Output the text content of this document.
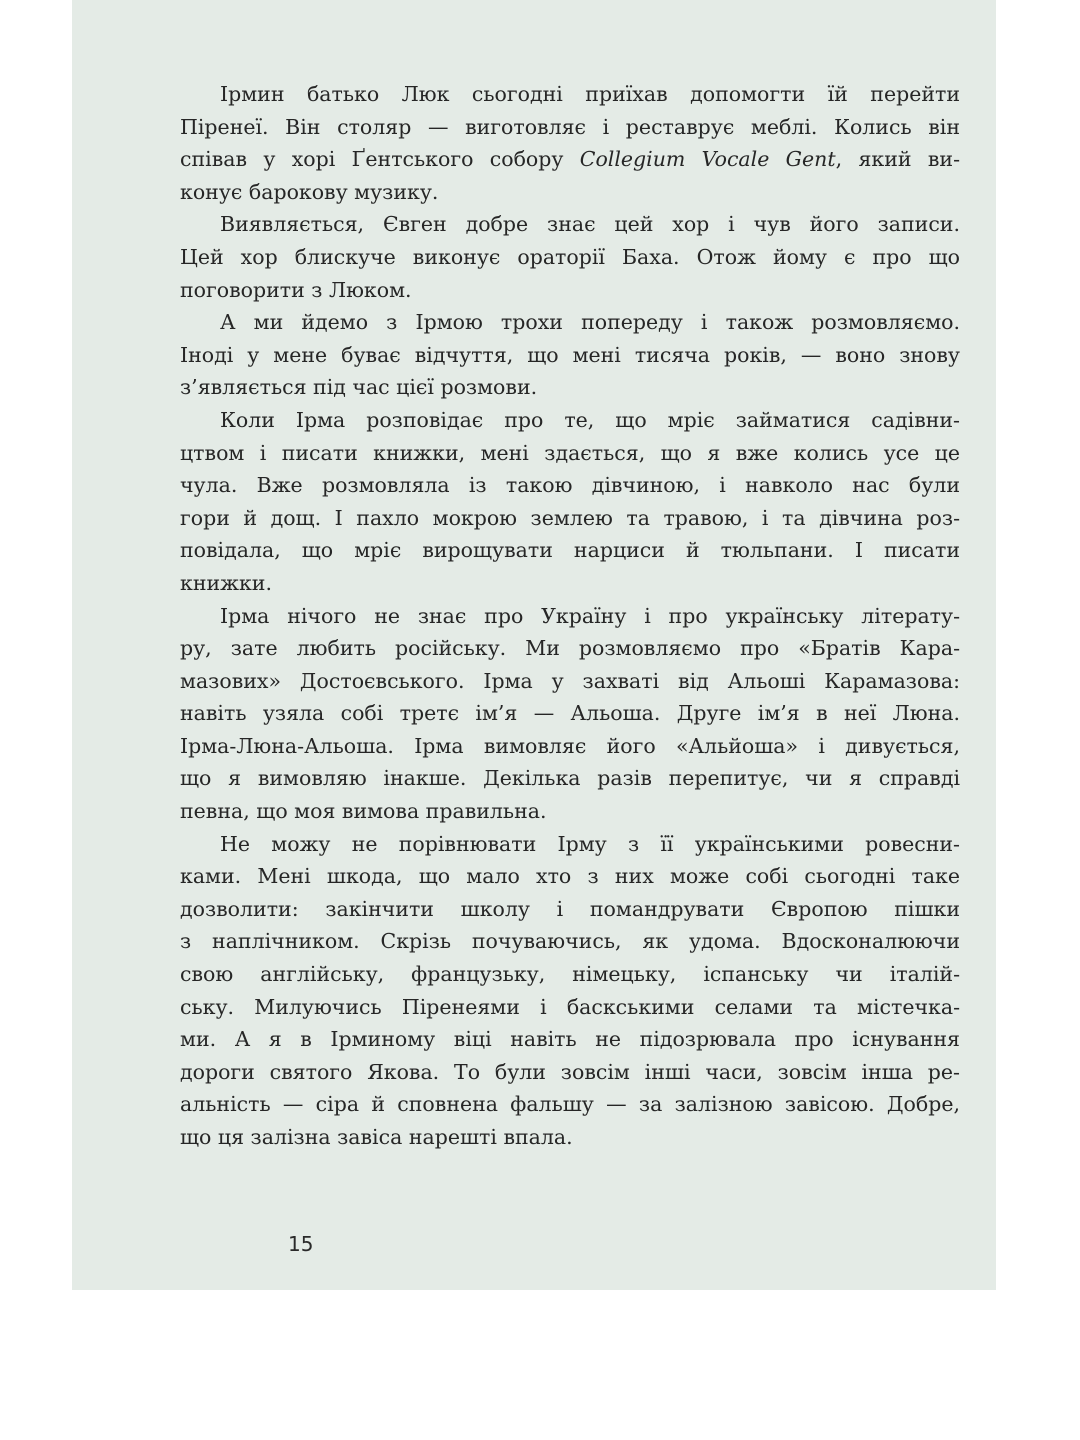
Ірмин батько Люк сьогодні приїхав допомогти їй перейти
Піренеї. Він столяр — виготовляє і реставрує меблі. Колись він
співав у хорі Ґентського собору Collegium Vocale Gent, який ви-
конує барокову музику.
Виявляється, Євген добре знає цей хор і чув його записи.
Цей хор блискуче виконує ораторії Баха. Отож йому є про що
поговорити з Люком.
А ми йдемо з Ірмою трохи попереду і також розмовляємо.
Іноді у мене буває відчуття, що мені тисяча років, — воно знову
з’являється під час цієї розмови.
Коли Ірма розповідає про те, що мріє займатися садівни-
цтвом і писати книжки, мені здається, що я вже колись усе це
чула. Вже розмовляла із такою дівчиною, і навколо нас були
гори й дощ. І пахло мокрою землею та травою, і та дівчина роз-
повідала, що мріє вирощувати нарциси й тюльпани. І писати
книжки.
Ірма нічого не знає про Україну і про українську літерату-
ру, зате любить російську. Ми розмовляємо про «Братів Кара-
мазових» Достоєвського. Ірма у захваті від Альоші Карамазова:
навіть узяла собі третє ім’я — Альоша. Друге ім’я в неї Люна.
Ірма-Люна-Альоша. Ірма вимовляє його «Альйоша» і дивується,
що я вимовляю інакше. Декілька разів перепитує, чи я справді
певна, що моя вимова правильна.
Не можу не порівнювати Ірму з її українськими ровесни-
ками. Мені шкода, що мало хто з них може собі сьогодні таке
дозволити: закінчити школу і помандрувати Європою пішки
з наплічником. Скрізь почуваючись, як удома. Вдосконалюючи
свою англійську, французьку, німецьку, іспанську чи італій-
ську. Милуючись Піренеями і баскськими селами та містечка-
ми. А я в Ірминому віці навіть не підозрювала про існування
дороги святого Якова. То були зовсім інші часи, зовсім інша ре-
альність — сіра й сповнена фальшу — за залізною завісою. Добре,
що ця залізна завіса нарешті впала.
15
